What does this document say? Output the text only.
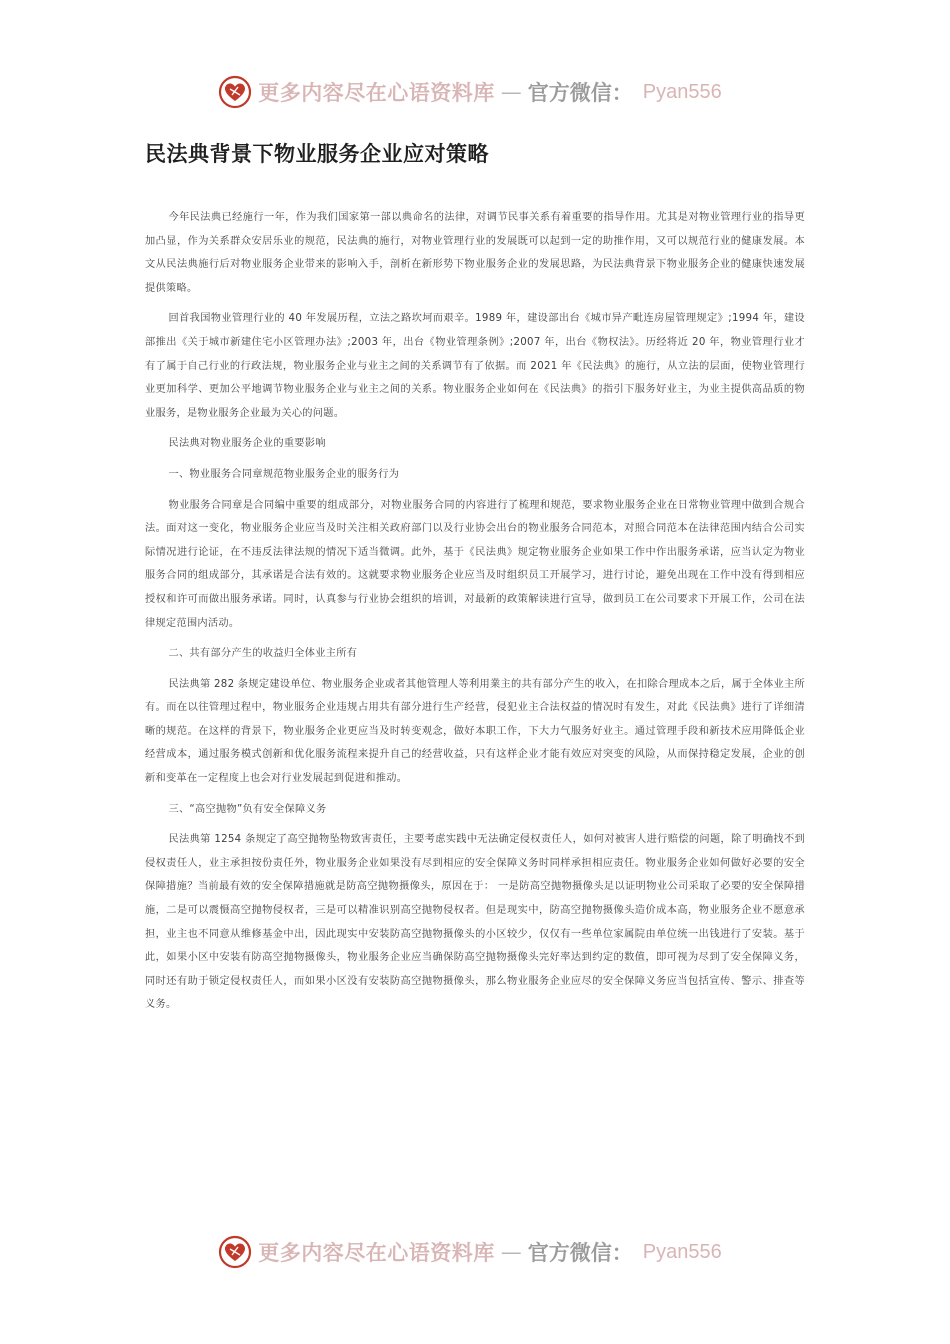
更多内容尽在心语资料库 — 官方微信： Pyan556
民法典背景下物业服务企业应对策略

今年民法典已经施行一年，作为我们国家第一部以典命名的法律，对调节民事关系有着重要的指导作用。尤其是对物业管理行业的指导更加凸显，作为关系群众安居乐业的规范，民法典的施行，对物业管理行业的发展既可以起到一定的助推作用，又可以规范行业的健康发展。本文从民法典施行后对物业服务企业带来的影响入手，剖析在新形势下物业服务企业的发展思路，为民法典背景下物业服务企业的健康快速发展提供策略。

回首我国物业管理行业的 40 年发展历程，立法之路坎坷而艰辛。1989 年，建设部出台《城市异产毗连房屋管理规定》;1994 年，建设部推出《关于城市新建住宅小区管理办法》;2003 年，出台《物业管理条例》;2007 年，出台《物权法》。历经将近 20 年，物业管理行业才有了属于自己行业的行政法规，物业服务企业与业主之间的关系调节有了依据。而 2021 年《民法典》的施行，从立法的层面，使物业管理行业更加科学、更加公平地调节物业服务企业与业主之间的关系。物业服务企业如何在《民法典》的指引下服务好业主，为业主提供高品质的物业服务，是物业服务企业最为关心的问题。

民法典对物业服务企业的重要影响

一、物业服务合同章规范物业服务企业的服务行为

物业服务合同章是合同编中重要的组成部分，对物业服务合同的内容进行了梳理和规范，要求物业服务企业在日常物业管理中做到合规合法。面对这一变化，物业服务企业应当及时关注相关政府部门以及行业协会出台的物业服务合同范本，对照合同范本在法律范围内结合公司实际情况进行论证，在不违反法律法规的情况下适当微调。此外，基于《民法典》规定物业服务企业如果工作中作出服务承诺，应当认定为物业服务合同的组成部分，其承诺是合法有效的。这就要求物业服务企业应当及时组织员工开展学习，进行讨论，避免出现在工作中没有得到相应授权和许可而做出服务承诺。同时，认真参与行业协会组织的培训，对最新的政策解读进行宣导，做到员工在公司要求下开展工作，公司在法律规定范围内活动。

二、共有部分产生的收益归全体业主所有

民法典第 282 条规定建设单位、物业服务企业或者其他管理人等利用業主的共有部分产生的收入，在扣除合理成本之后，属于全体业主所有。而在以往管理过程中，物业服务企业违规占用共有部分进行生产经营，侵犯业主合法权益的情况时有发生，对此《民法典》进行了详细清晰的规范。在这样的背景下，物业服务企业更应当及时转变观念，做好本职工作，下大力气服务好业主。通过管理手段和新技术应用降低企业经营成本，通过服务模式创新和优化服务流程来提升自己的经营收益，只有这样企业才能有效应对突变的风险，从而保持稳定发展，企业的创新和变革在一定程度上也会对行业发展起到促进和推动。

三、“高空抛物”负有安全保障义务

民法典第 1254 条规定了高空抛物坠物致害责任，主要考虑实践中无法确定侵权责任人，如何对被害人进行赔偿的问题，除了明确找不到侵权责任人，业主承担按份责任外，物业服务企业如果没有尽到相应的安全保障义务时同样承担相应责任。物业服务企业如何做好必要的安全保障措施？当前最有效的安全保障措施就是防高空抛物摄像头，原因在于： 一是防高空抛物摄像头足以证明物业公司采取了必要的安全保障措施，二是可以震慑高空抛物侵权者，三是可以精准识别高空抛物侵权者。但是现实中，防高空抛物摄像头造价成本高，物业服务企业不愿意承担，业主也不同意从维修基金中出，因此现实中安装防高空抛物摄像头的小区较少，仅仅有一些单位家属院由单位统一出钱进行了安装。基于此，如果小区中安装有防高空抛物摄像头，物业服务企业应当确保防高空抛物摄像头完好率达到约定的数值，即可视为尽到了安全保障义务，同时还有助于锁定侵权责任人，而如果小区没有安装防高空抛物摄像头，那么物业服务企业应尽的安全保障义务应当包括宣传、警示、排查等义务。

更多内容尽在心语资料库 — 官方微信： Pyan556
